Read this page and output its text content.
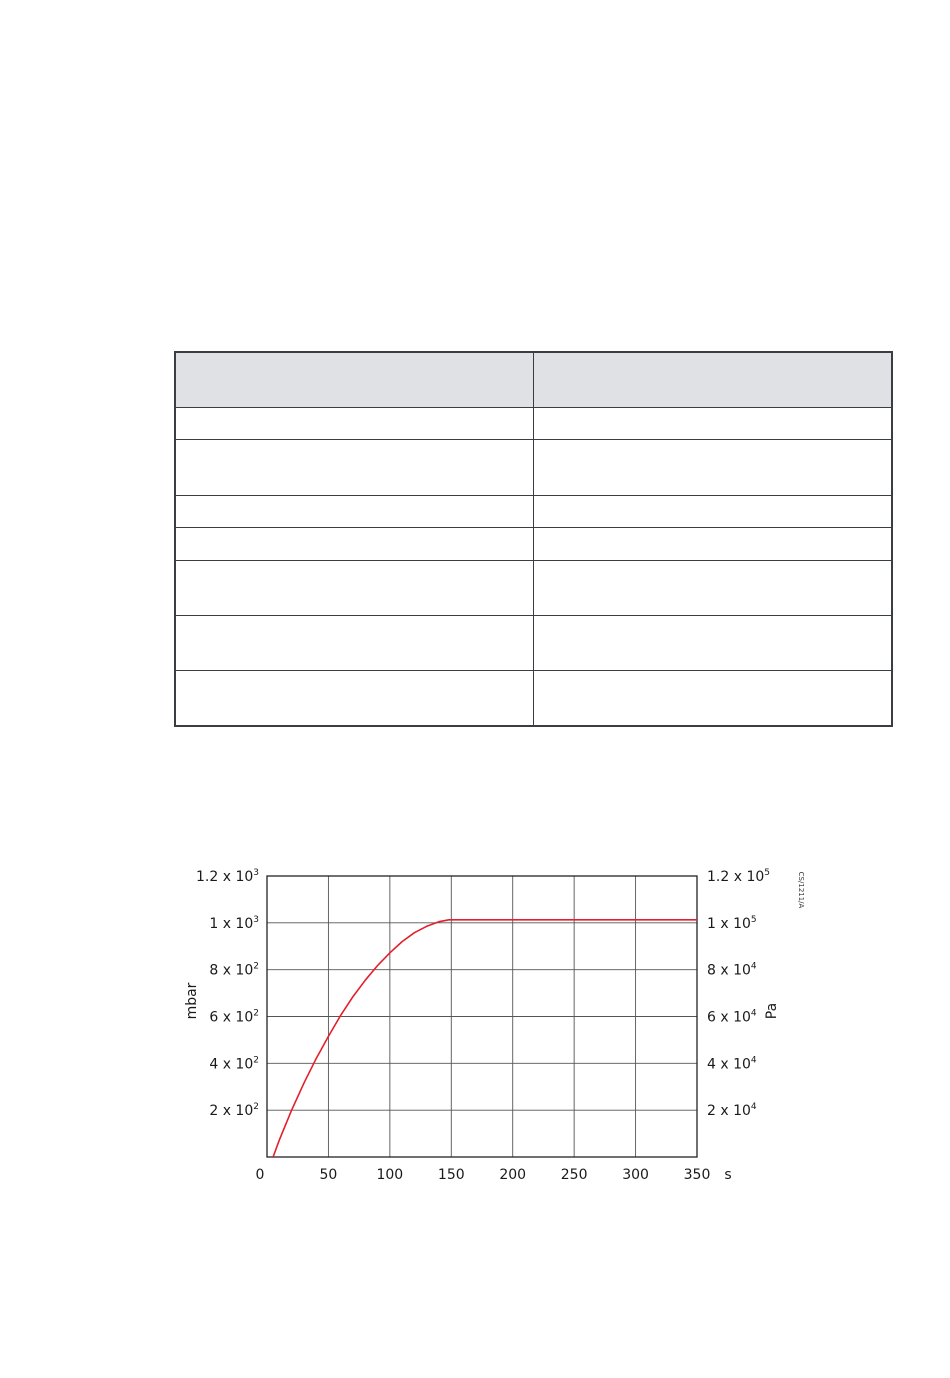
0	50	100 150 200 250 300 350
2 x $10^2$
4 x $10^2$
6 x $10^2$
8 x $10^2$
1 x $10^3$
1.2 x $10^3$
2 x $10^4$
4 x $10^4$
6 x $10^4$
8 x $10^4$
1 x $10^5$
1.2 x $10^5$
s
mbar	Pa
CS/1211/A
